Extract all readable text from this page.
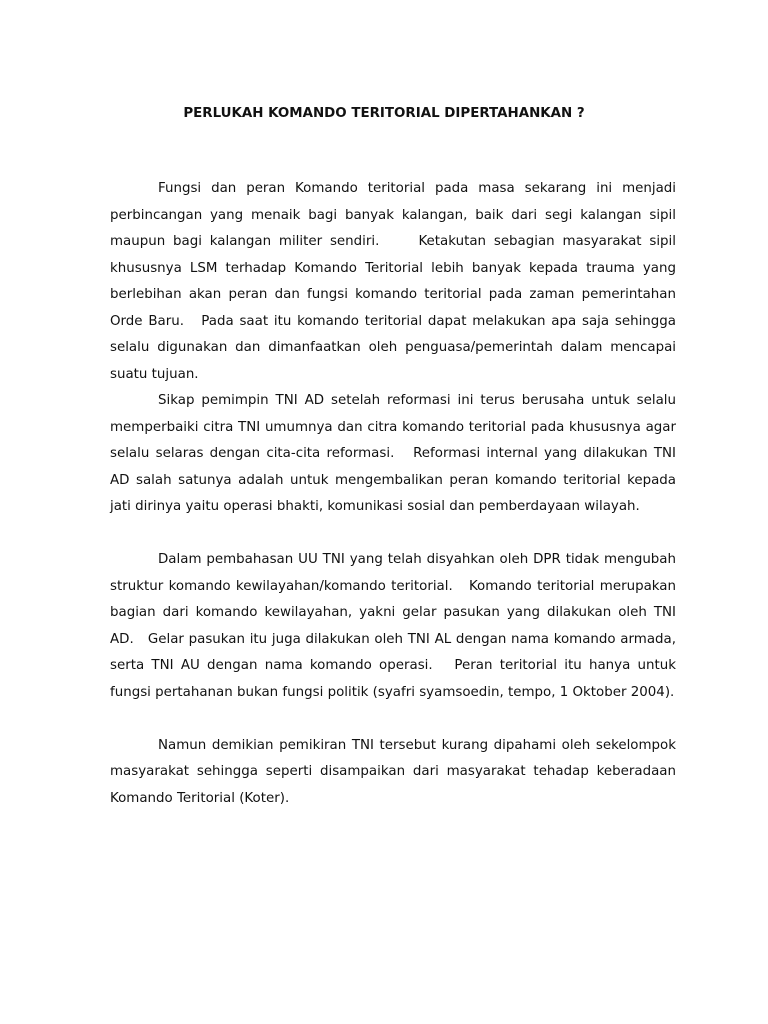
PERLUKAH KOMANDO TERITORIAL DIPERTAHANKAN ?

Fungsi dan peran Komando teritorial pada masa sekarang ini menjadi perbincangan yang menaik bagi banyak kalangan, baik dari segi kalangan sipil maupun bagi kalangan militer sendiri.     Ketakutan sebagian masyarakat sipil khususnya LSM terhadap Komando Teritorial lebih banyak kepada trauma yang berlebihan akan peran dan fungsi komando teritorial pada zaman pemerintahan Orde Baru.   Pada saat itu komando teritorial dapat melakukan apa saja sehingga selalu digunakan dan dimanfaatkan oleh penguasa/pemerintah dalam mencapai suatu tujuan.

Sikap pemimpin TNI AD setelah reformasi ini terus berusaha untuk selalu memperbaiki citra TNI umumnya dan citra komando teritorial pada khususnya agar selalu selaras dengan cita-cita reformasi.   Reformasi internal yang dilakukan TNI AD salah satunya adalah untuk mengembalikan peran komando teritorial kepada jati dirinya yaitu operasi bhakti, komunikasi sosial dan pemberdayaan wilayah.

Dalam pembahasan UU TNI yang telah disyahkan oleh DPR tidak mengubah struktur komando kewilayahan/komando teritorial.   Komando teritorial merupakan bagian dari komando kewilayahan, yakni gelar pasukan yang dilakukan oleh TNI AD.   Gelar pasukan itu juga dilakukan oleh TNI AL dengan nama komando armada, serta TNI AU dengan nama komando operasi.   Peran teritorial itu hanya untuk fungsi pertahanan bukan fungsi politik (syafri syamsoedin, tempo, 1 Oktober 2004).

Namun demikian pemikiran TNI tersebut kurang dipahami oleh sekelompok masyarakat sehingga seperti disampaikan dari masyarakat tehadap keberadaan Komando Teritorial (Koter).
